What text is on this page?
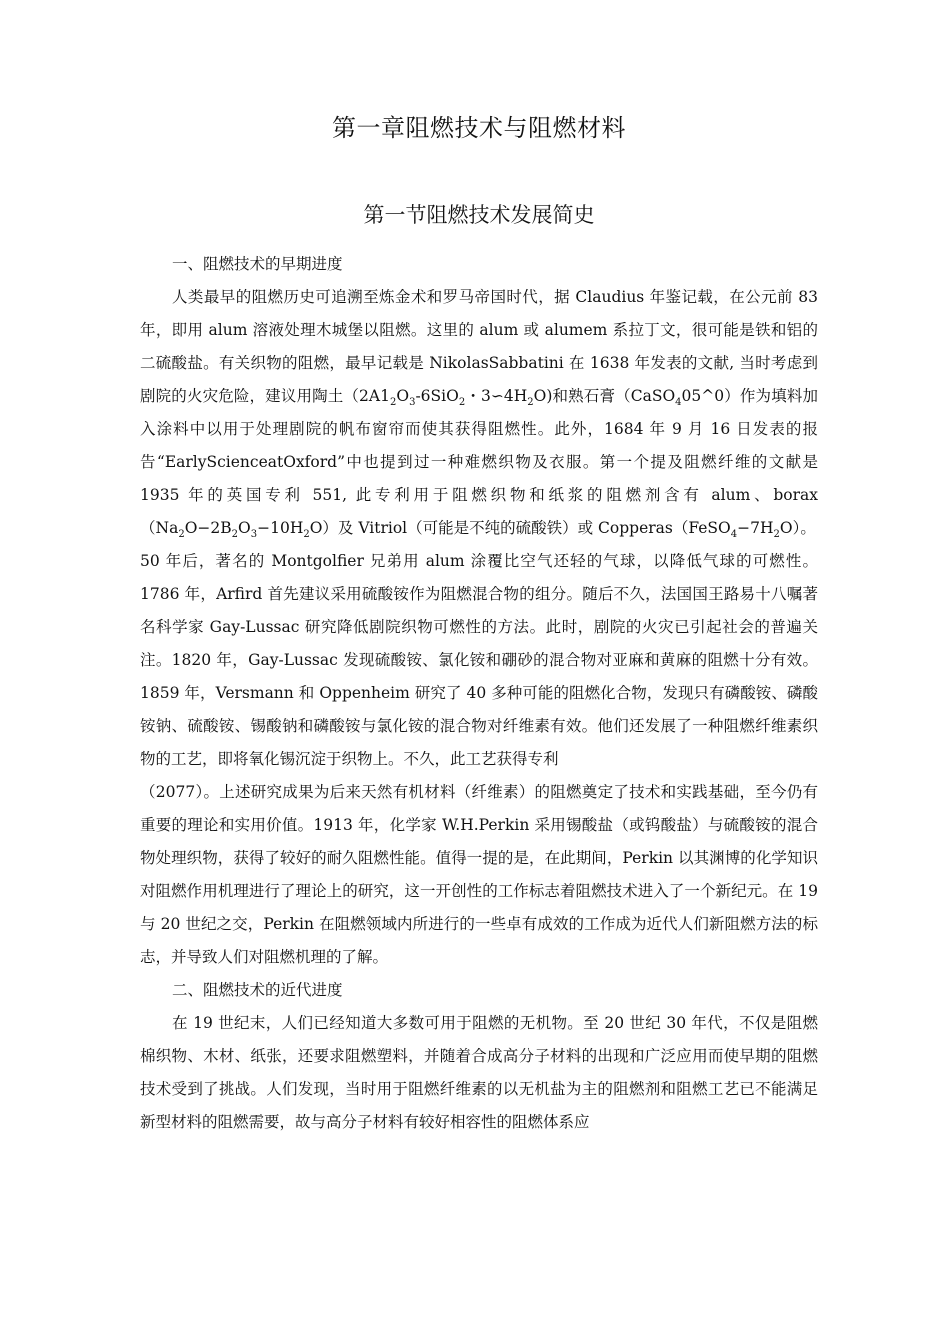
第一章阻燃技术与阻燃材料
第一节阻燃技术发展简史

一、阻燃技术的早期进度

人类最早的阻燃历史可追溯至炼金术和罗马帝国时代，据 Claudius 年鉴记载，在公元前 83 年，即用 alum 溶液处理木城堡以阻燃。这里的 alum 或 alumem 系拉丁文，很可能是铁和铝的二硫酸盐。有关织物的阻燃，最早记载是 NikolasSabbatini 在 1638 年发表的文献, 当时考虑到剧院的火灾危险，建议用陶土（$2A1_2O_3-6SiO_2$・$3∽4H_2O$)和熟石膏（CaSO$_4$05^0）作为填料加入涂料中以用于处理剧院的帆布窗帘而使其获得阻燃性。此外，1684 年 9 月 16 日发表的报告“EarlyScienceatOxford”中也提到过一种难燃织物及衣服。第一个提及阻燃纤维的文献是 1935 年的英国专利 551, 此专利用于阻燃织物和纸浆的阻燃剂含有 alum、$borax(Na_2O-2B_2O_3-10H_2O)$及 Vitriol（可能是不纯的硫酸铁）或 $Copperas(FeSO_4-7H_2O)$。

50 年后，著名的 Montgolfier 兄弟用 alum 涂覆比空气还轻的气球，以降低气球的可燃性。1786 年，Arfird 首先建议采用硫酸铵作为阻燃混合物的组分。随后不久，法国国王路易十八嘱著名科学家 Gay-Lussac 研究降低剧院织物可燃性的方法。此时，剧院的火灾已引起社会的普遍关注。1820 年，Gay-Lussac 发现硫酸铵、氯化铵和硼砂的混合物对亚麻和黄麻的阻燃十分有效。1859 年，Versmann 和 Oppenheim 研究了 40 多种可能的阻燃化合物，发现只有磷酸铵、磷酸铵钠、硫酸铵、锡酸钠和磷酸铵与氯化铵的混合物对纤维素有效。他们还发展了一种阻燃纤维素织物的工艺，即将氧化锡沉淀于织物上。不久，此工艺获得专利

（2077）。上述研究成果为后来天然有机材料（纤维素）的阻燃奠定了技术和实践基础，至今仍有重要的理论和实用价值。1913 年，化学家 W.H.Perkin 采用锡酸盐（或钨酸盐）与硫酸铵的混合物处理织物，获得了较好的耐久阻燃性能。值得一提的是，在此期间，Perkin 以其渊博的化学知识对阻燃作用机理进行了理论上的研究，这一开创性的工作标志着阻燃技术进入了一个新纪元。在 19 与 20 世纪之交，Perkin 在阻燃领域内所进行的一些卓有成效的工作成为近代人们新阻燃方法的标志，并导致人们对阻燃机理的了解。

二、阻燃技术的近代进度

在 19 世纪末，人们已经知道大多数可用于阻燃的无机物。至 20 世纪 30 年代，不仅是阻燃棉织物、木材、纸张，还要求阻燃塑料，并随着合成高分子材料的出现和广泛应用而使早期的阻燃技术受到了挑战。人们发现，当时用于阻燃纤维素的以无机盐为主的阻燃剂和阻燃工艺已不能满足新型材料的阻燃需要，故与高分子材料有较好相容性的阻燃体系应
